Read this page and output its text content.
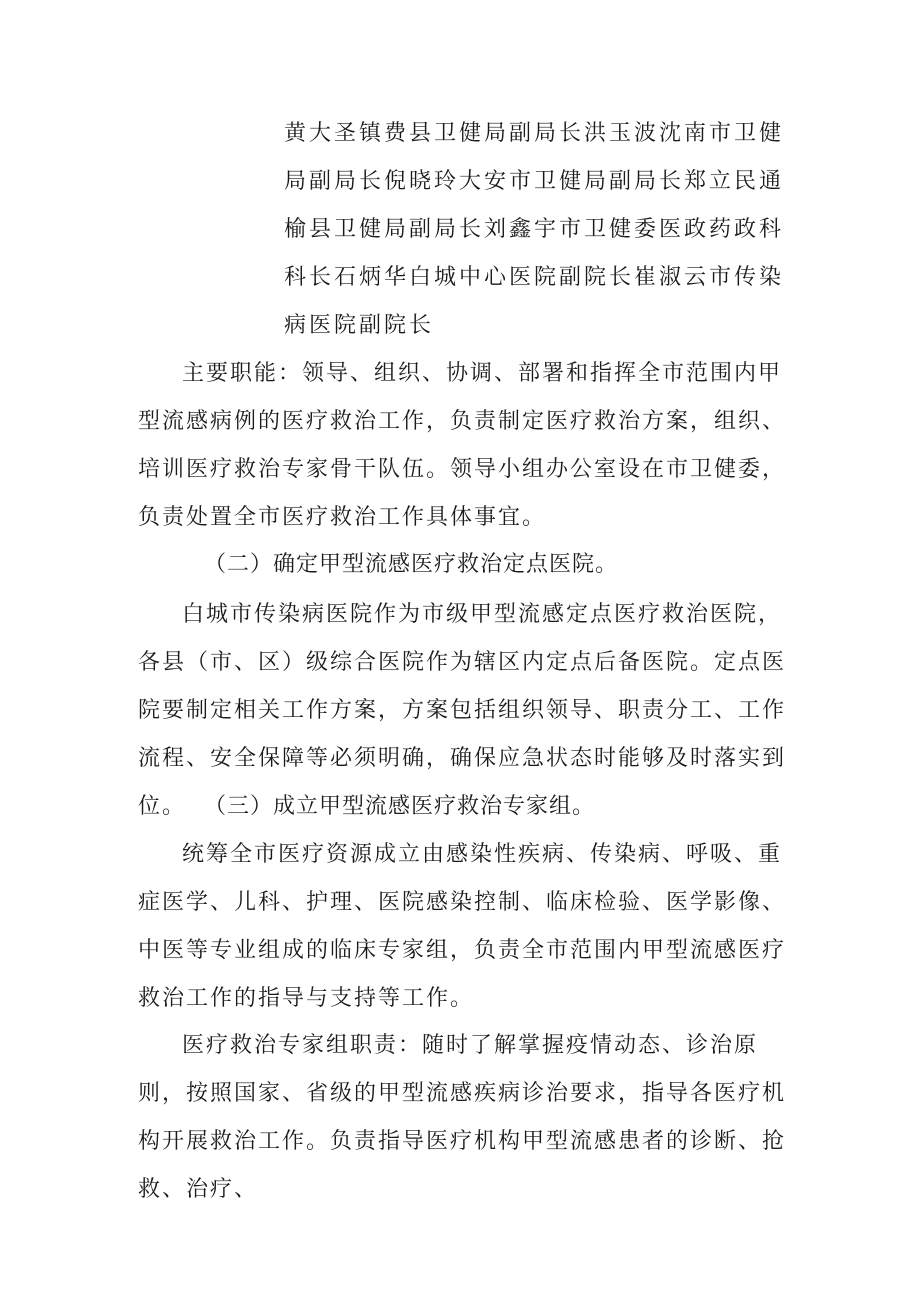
黄大圣镇费县卫健局副局长洪玉波沈南市卫健局副局长倪晓玲大安市卫健局副局长郑立民通榆县卫健局副局长刘鑫宇市卫健委医政药政科科长石炳华白城中心医院副院长崔淑云市传染病医院副院长

主要职能：领导、组织、协调、部署和指挥全市范围内甲型流感病例的医疗救治工作，负责制定医疗救治方案，组织、培训医疗救治专家骨干队伍。领导小组办公室设在市卫健委，负责处置全市医疗救治工作具体事宜。

（二）确定甲型流感医疗救治定点医院。

白城市传染病医院作为市级甲型流感定点医疗救治医院，各县（市、区）级综合医院作为辖区内定点后备医院。定点医院要制定相关工作方案，方案包括组织领导、职责分工、工作流程、安全保障等必须明确，确保应急状态时能够及时落实到位。 （三）成立甲型流感医疗救治专家组。

统筹全市医疗资源成立由感染性疾病、传染病、呼吸、重症医学、儿科、护理、医院感染控制、临床检验、医学影像、中医等专业组成的临床专家组，负责全市范围内甲型流感医疗救治工作的指导与支持等工作。

医疗救治专家组职责：随时了解掌握疫情动态、诊治原则，按照国家、省级的甲型流感疾病诊治要求，指导各医疗机构开展救治工作。负责指导医疗机构甲型流感患者的诊断、抢救、治疗、
